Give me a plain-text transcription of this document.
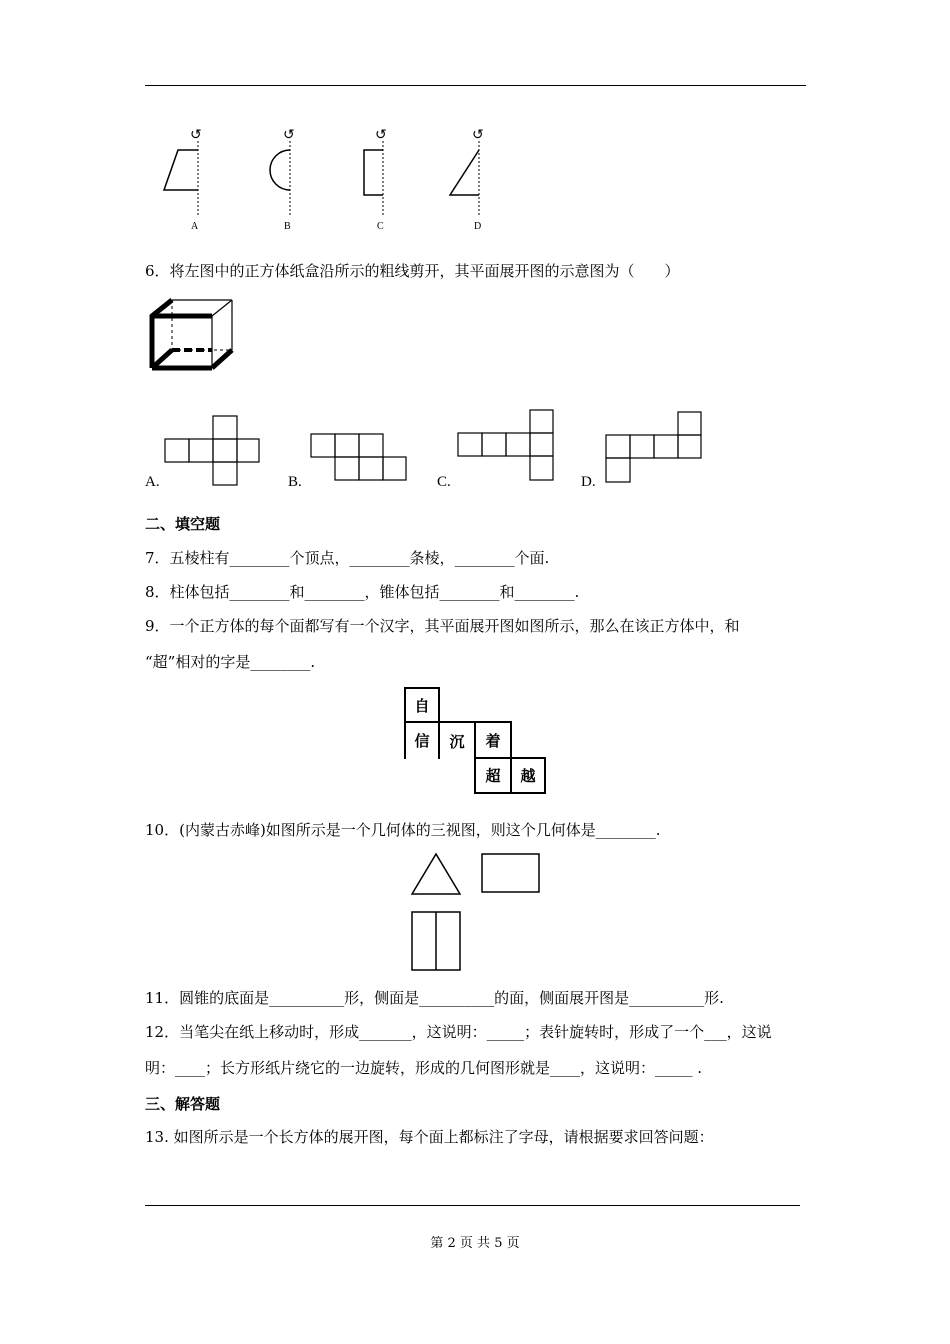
↺
A
↺
B
↺
C
↺
D
6．将左图中的正方体纸盒沿所示的粗线剪开，其平面展开图的示意图为（　　）
A.	B.	C.	D.
二、填空题
7．五棱柱有________个顶点，________条棱，________个面.
8．柱体包括________和________，锥体包括________和________.
9．一个正方体的每个面都写有一个汉字，其平面展开图如图所示，那么在该正方体中，和
“超”相对的字是________.
自
信	沉	着
超	越
10．(内蒙古赤峰)如图所示是一个几何体的三视图，则这个几何体是________.
11．圆锥的底面是__________形，侧面是__________的面，侧面展开图是__________形.
12．当笔尖在纸上移动时，形成_______，这说明：_____；表针旋转时，形成了一个___，这说
明：____；长方形纸片绕它的一边旋转，形成的几何图形就是____，这说明：_____ .
三、解答题
13. 如图所示是一个长方体的展开图，每个面上都标注了字母，请根据要求回答问题：
第 2 页 共 5 页
